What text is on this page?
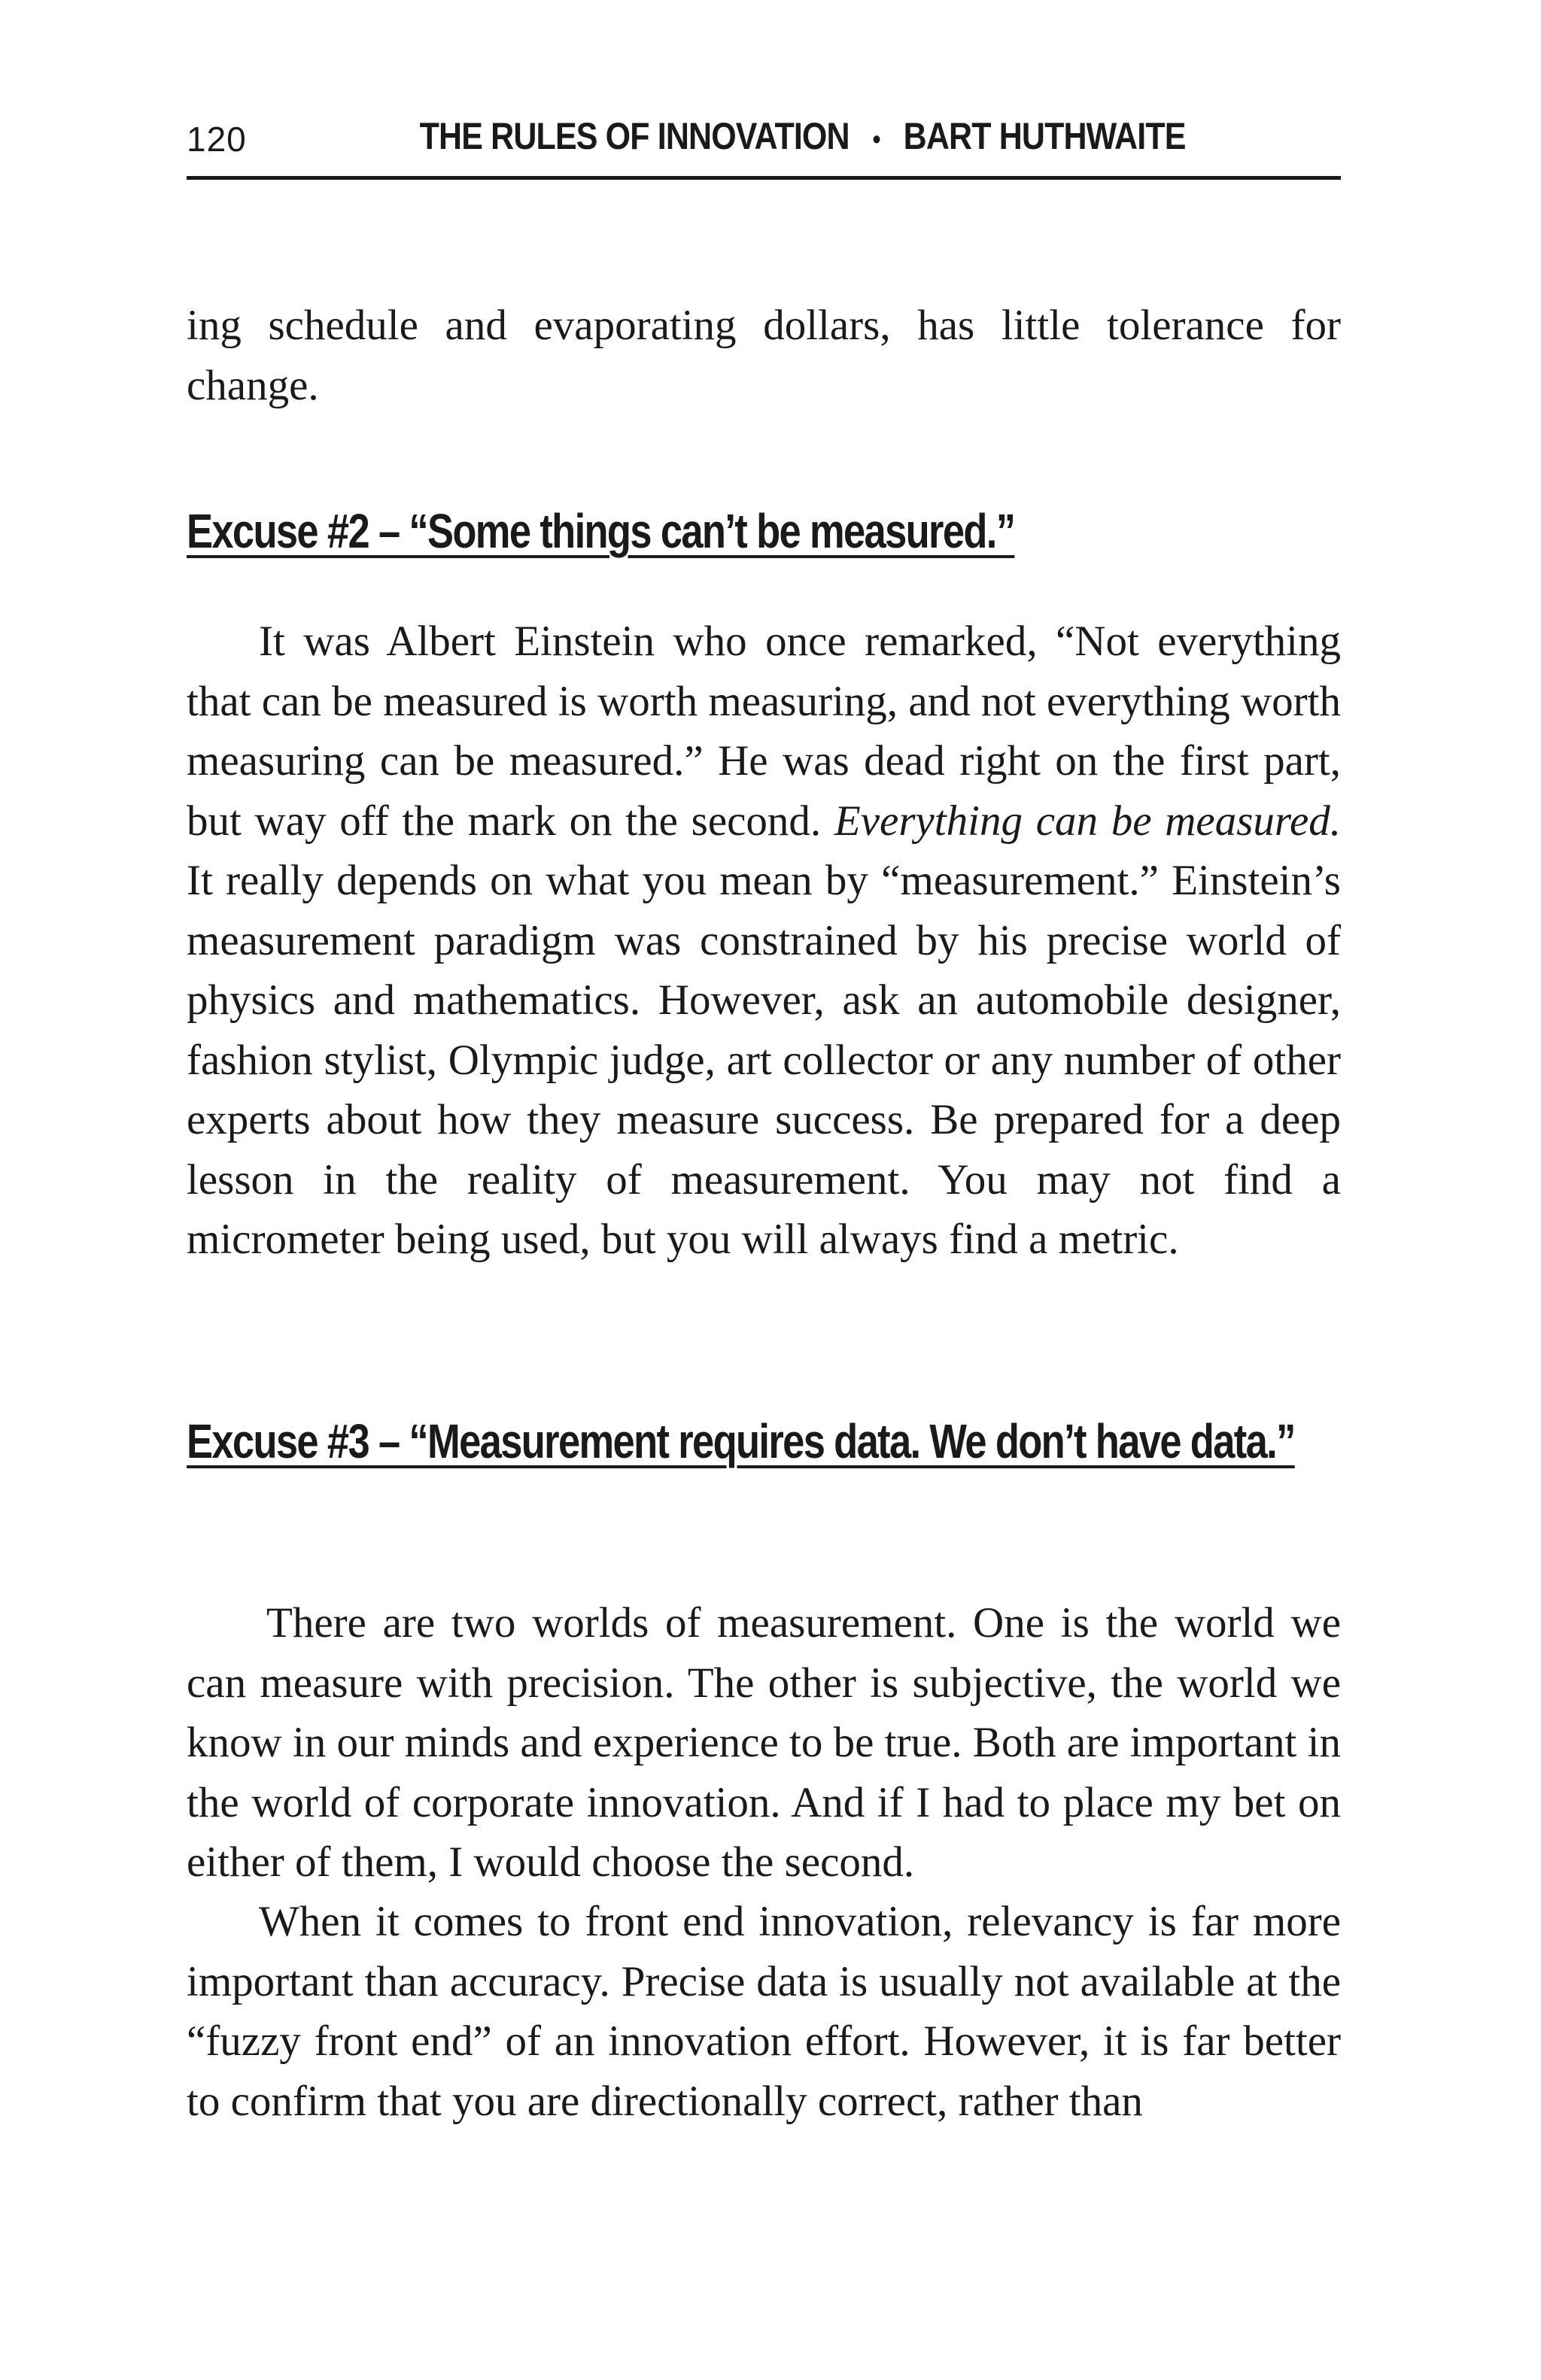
120	THE RULES OF INNOVATION • BART HUTHWAITE

ing schedule and evaporating dollars, has little tolerance for change.

Excuse #2 – “Some things can’t be measured.”

It was Albert Einstein who once remarked, “Not everything that can be measured is worth measuring, and not everything worth measuring can be measured.” He was dead right on the first part, but way off the mark on the second. Everything can be measured. It really depends on what you mean by “measurement.” Einstein’s measurement paradigm was constrained by his precise world of physics and mathematics. However, ask an automobile designer, fashion stylist, Olympic judge, art collector or any number of other experts about how they measure success. Be prepared for a deep lesson in the reality of measurement. You may not find a micrometer being used, but you will always find a metric.

Excuse #3 – “Measurement requires data. We don’t have data.”

There are two worlds of measurement. One is the world we can measure with precision. The other is subjective, the world we know in our minds and experience to be true. Both are important in the world of corporate innovation. And if I had to place my bet on either of them, I would choose the second.

When it comes to front end innovation, relevancy is far more important than accuracy. Precise data is usually not available at the “fuzzy front end” of an innovation effort. However, it is far better to confirm that you are directionally correct, rather than
